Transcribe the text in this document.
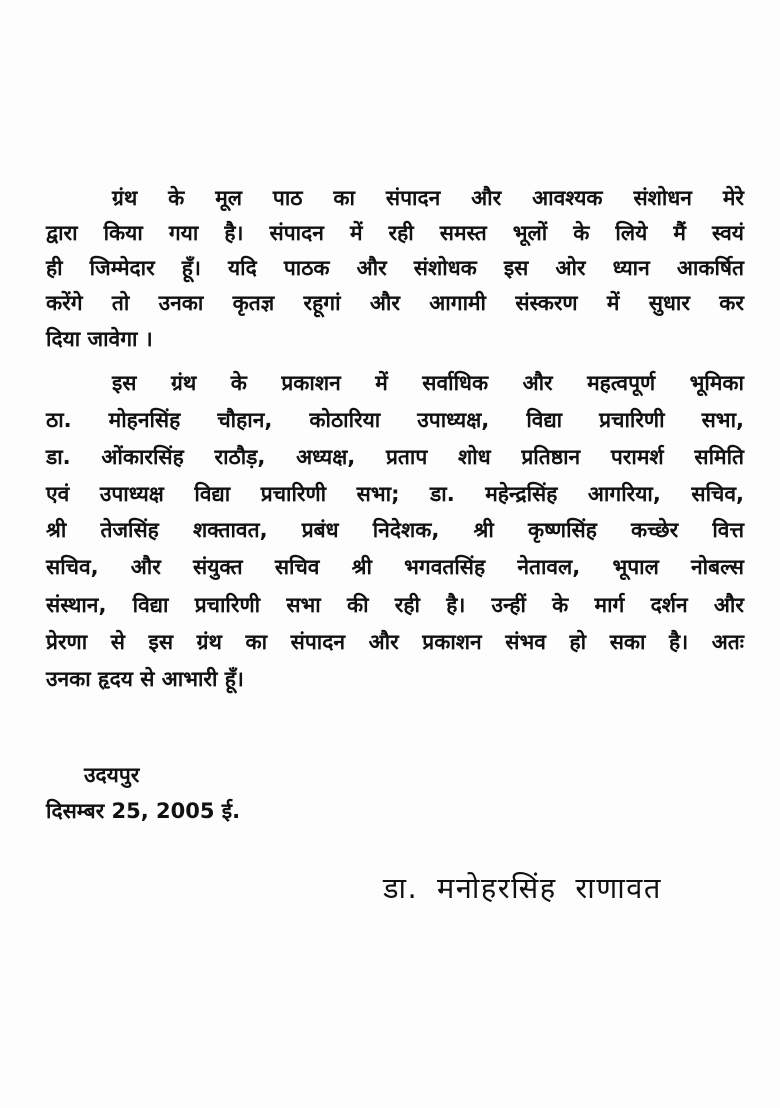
ग्रंथ के मूल पाठ का संपादन और आवश्यक संशोधन मेरे
द्वारा किया गया है। संपादन में रही समस्त भूलों के लिये मैं स्वयं
ही जिम्मेदार हूँ। यदि पाठक और संशोधक इस ओर ध्यान आकर्षित
करेंगे तो उनका कृतज्ञ रहूगां और आगामी संस्करण में सुधार कर
दिया जावेगा ।
इस ग्रंथ के प्रकाशन में सर्वाधिक और महत्वपूर्ण भूमिका
ठा. मोहनसिंह चौहान, कोठारिया उपाध्यक्ष, विद्या प्रचारिणी सभा,
डा. ओंकारसिंह राठौड़, अध्यक्ष, प्रताप शोध प्रतिष्ठान परामर्श समिति
एवं उपाध्यक्ष विद्या प्रचारिणी सभा; डा. महेन्द्रसिंह आगरिया, सचिव,
श्री तेजसिंह शक्तावत, प्रबंध निदेशक, श्री कृष्णसिंह कच्छेर वित्त
सचिव, और संयुक्त सचिव श्री भगवतसिंह नेतावल, भूपाल नोबल्स
संस्थान, विद्या प्रचारिणी सभा की रही है। उन्हीं के मार्ग दर्शन और
प्रेरणा से इस ग्रंथ का संपादन और प्रकाशन संभव हो सका है। अतः
उनका हृदय से आभारी हूँ।
उदयपुर
दिसम्बर 25, 2005 ई.
डा. मनोहरसिंह राणावत
